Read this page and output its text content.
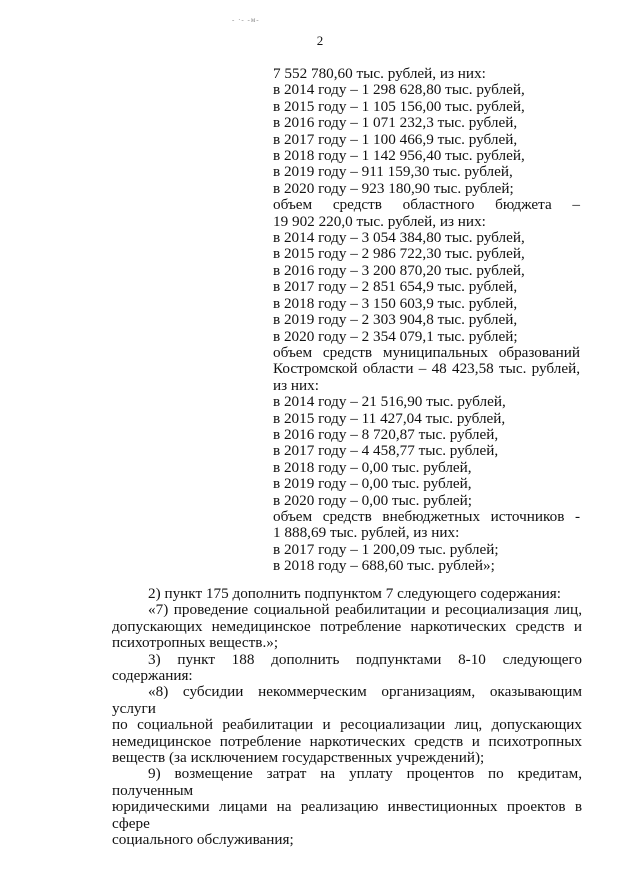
- ·- -м-
2
7 552 780,60 тыс. рублей, из них:
в 2014 году – 1 298 628,80 тыс. рублей,
в 2015 году – 1 105 156,00 тыс. рублей,
в 2016 году – 1 071 232,3 тыс. рублей,
в 2017 году – 1 100 466,9 тыс. рублей,
в 2018 году – 1 142 956,40 тыс. рублей,
в 2019 году – 911 159,30 тыс. рублей,
в 2020 году – 923 180,90 тыс. рублей;
объем средств областного бюджета –
19 902 220,0 тыс. рублей, из них:
в 2014 году – 3 054 384,80 тыс. рублей,
в 2015 году – 2 986 722,30 тыс. рублей,
в 2016 году – 3 200 870,20 тыс. рублей,
в 2017 году – 2 851 654,9 тыс. рублей,
в 2018 году – 3 150 603,9 тыс. рублей,
в 2019 году – 2 303 904,8 тыс. рублей,
в 2020 году – 2 354 079,1 тыс. рублей;
объем средств муниципальных образований
Костромской области – 48 423,58 тыс. рублей,
из них:
в 2014 году – 21 516,90 тыс. рублей,
в 2015 году – 11 427,04 тыс. рублей,
в 2016 году – 8 720,87 тыс. рублей,
в 2017 году – 4 458,77 тыс. рублей,
в 2018 году – 0,00 тыс. рублей,
в 2019 году – 0,00 тыс. рублей,
в 2020 году – 0,00 тыс. рублей;
объем средств внебюджетных источников -
1 888,69 тыс. рублей, из них:
в 2017 году – 1 200,09 тыс. рублей;
в 2018 году – 688,60 тыс. рублей»;
2) пункт 175 дополнить подпунктом 7 следующего содержания:
«7) проведение социальной реабилитации и ресоциализация лиц,
допускающих немедицинское потребление наркотических средств и
психотропных веществ.»;
3) пункт 188 дополнить подпунктами 8-10 следующего
содержания:
«8) субсидии некоммерческим организациям, оказывающим услуги
по социальной реабилитации и ресоциализации лиц, допускающих
немедицинское потребление наркотических средств и психотропных
веществ (за исключением государственных учреждений);
9) возмещение затрат на уплату процентов по кредитам, полученным
юридическими лицами на реализацию инвестиционных проектов в сфере
социального обслуживания;
